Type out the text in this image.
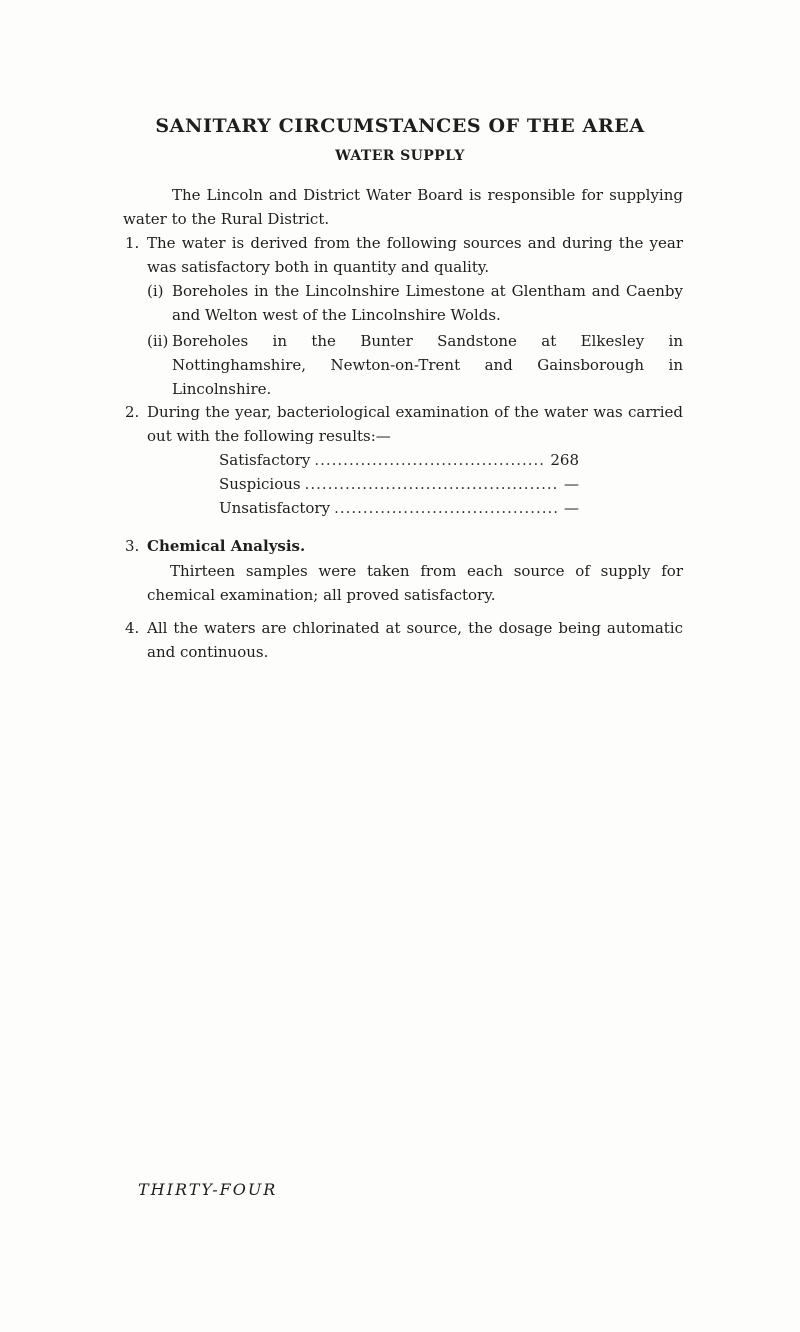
SANITARY CIRCUMSTANCES OF THE AREA
WATER SUPPLY

The Lincoln and District Water Board is responsible for supplying water to the Rural District.

1. The water is derived from the following sources and during the year was satisfactory both in quantity and quality.

(i) Boreholes in the Lincolnshire Limestone at Glentham and Caenby and Welton west of the Lincolnshire Wolds.

(ii) Boreholes in the Bunter Sandstone at Elkesley in Nottinghamshire, Newton-on-Trent and Gainsborough in Lincolnshire.

2. During the year, bacteriological examination of the water was carried out with the following results:—

Satisfactory .....	268
Suspicious .....	—
Unsatisfactory .....	—
3. Chemical Analysis.

Thirteen samples were taken from each source of supply for chemical examination; all proved satisfactory.

4. All the waters are chlorinated at source, the dosage being automatic and continuous.

THIRTY-FOUR
